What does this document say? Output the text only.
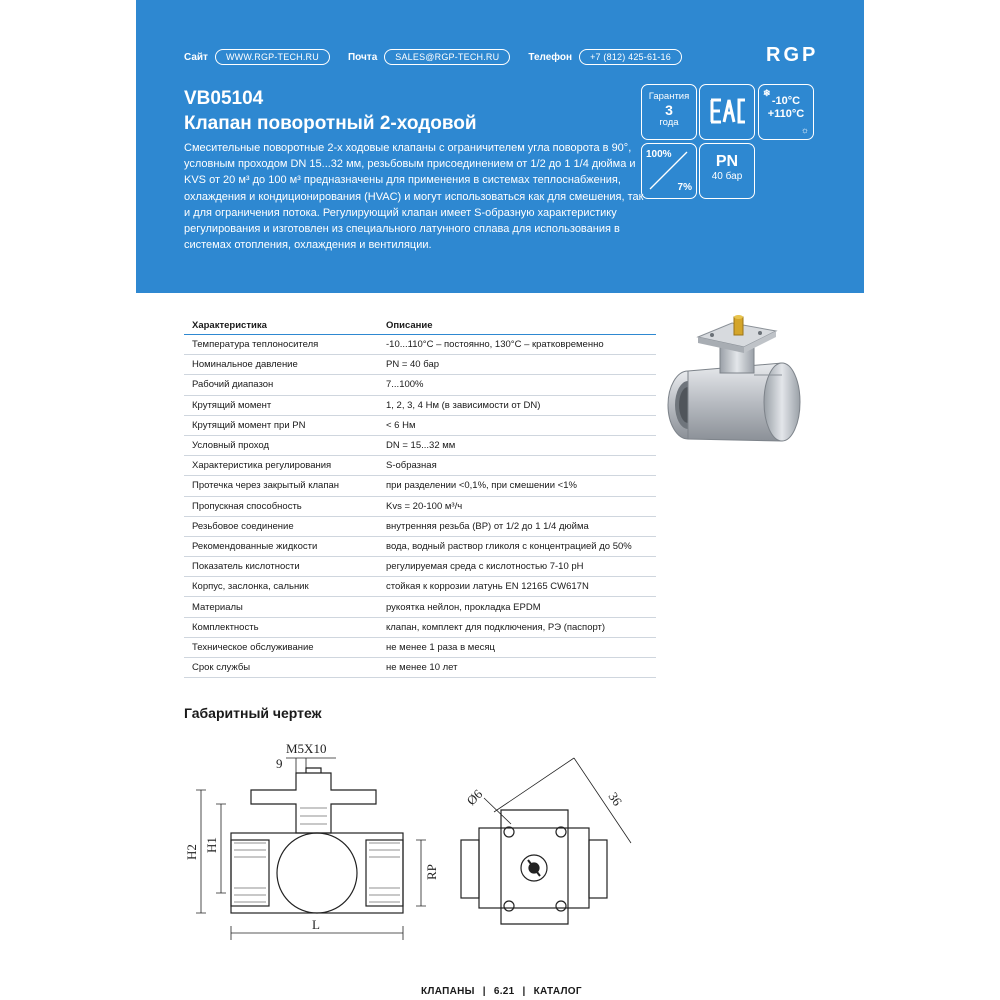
Сайт	WWW.RGP-TECH.RU	Почта	SALES@RGP-TECH.RU	Телефон	+7 (812) 425-61-16	RGP
VB05104
Клапан поворотный 2-ходовой
Смесительные поворотные 2-х ходовые клапаны с ограничителем угла поворота в 90°, условным проходом DN 15...32 мм, резьбовым присоединением от 1/2 до 1 1/4 дюйма и KVS от 20 м³ до 100 м³ предназначены для применения в системах теплоснабжения, охлаждения и кондиционирования (HVAC) и могут использоваться как для смешения, так и для ограничения потока. Регулирующий клапан имеет S-образную характеристику регулирования и изготовлен из специального латунного сплава для использования в системах отопления, охлаждения и вентиляции.
Гарантия
3
года
❄
-10°C
+110°C
☼
100%
7%
PN
40 бар
Характеристика	Описание
Температура теплоносителя	-10...110°С – постоянно, 130°С – кратковременно
Номинальное давление	PN = 40 бар
Рабочий диапазон	7...100%
Крутящий момент	1, 2, 3, 4 Нм (в зависимости от DN)
Крутящий момент при PN	< 6 Нм
Условный проход	DN = 15...32 мм
Характеристика регулирования	S-образная
Протечка через закрытый клапан	при разделении <0,1%, при смешении <1%
Пропускная способность	Kvs = 20-100 м³/ч
Резьбовое соединение	внутренняя резьба (ВР) от 1/2 до 1 1/4 дюйма
Рекомендованные жидкости	вода, водный раствор гликоля с концентрацией до 50%
Показатель кислотности	регулируемая среда с кислотностью 7-10 pH
Корпус, заслонка, сальник	стойкая к коррозии латунь EN 12165 CW617N
Материалы	рукоятка нейлон, прокладка EPDM
Комплектность	клапан, комплект для подключения, РЭ (паспорт)
Техническое обслуживание	не менее 1 раза в месяц
Срок службы	не менее 10 лет
Габаритный чертеж
M5X10
9
H2 H1
RP
L
Ø6	36
КЛАПАНЫ | 6.21 | КАТАЛОГ
